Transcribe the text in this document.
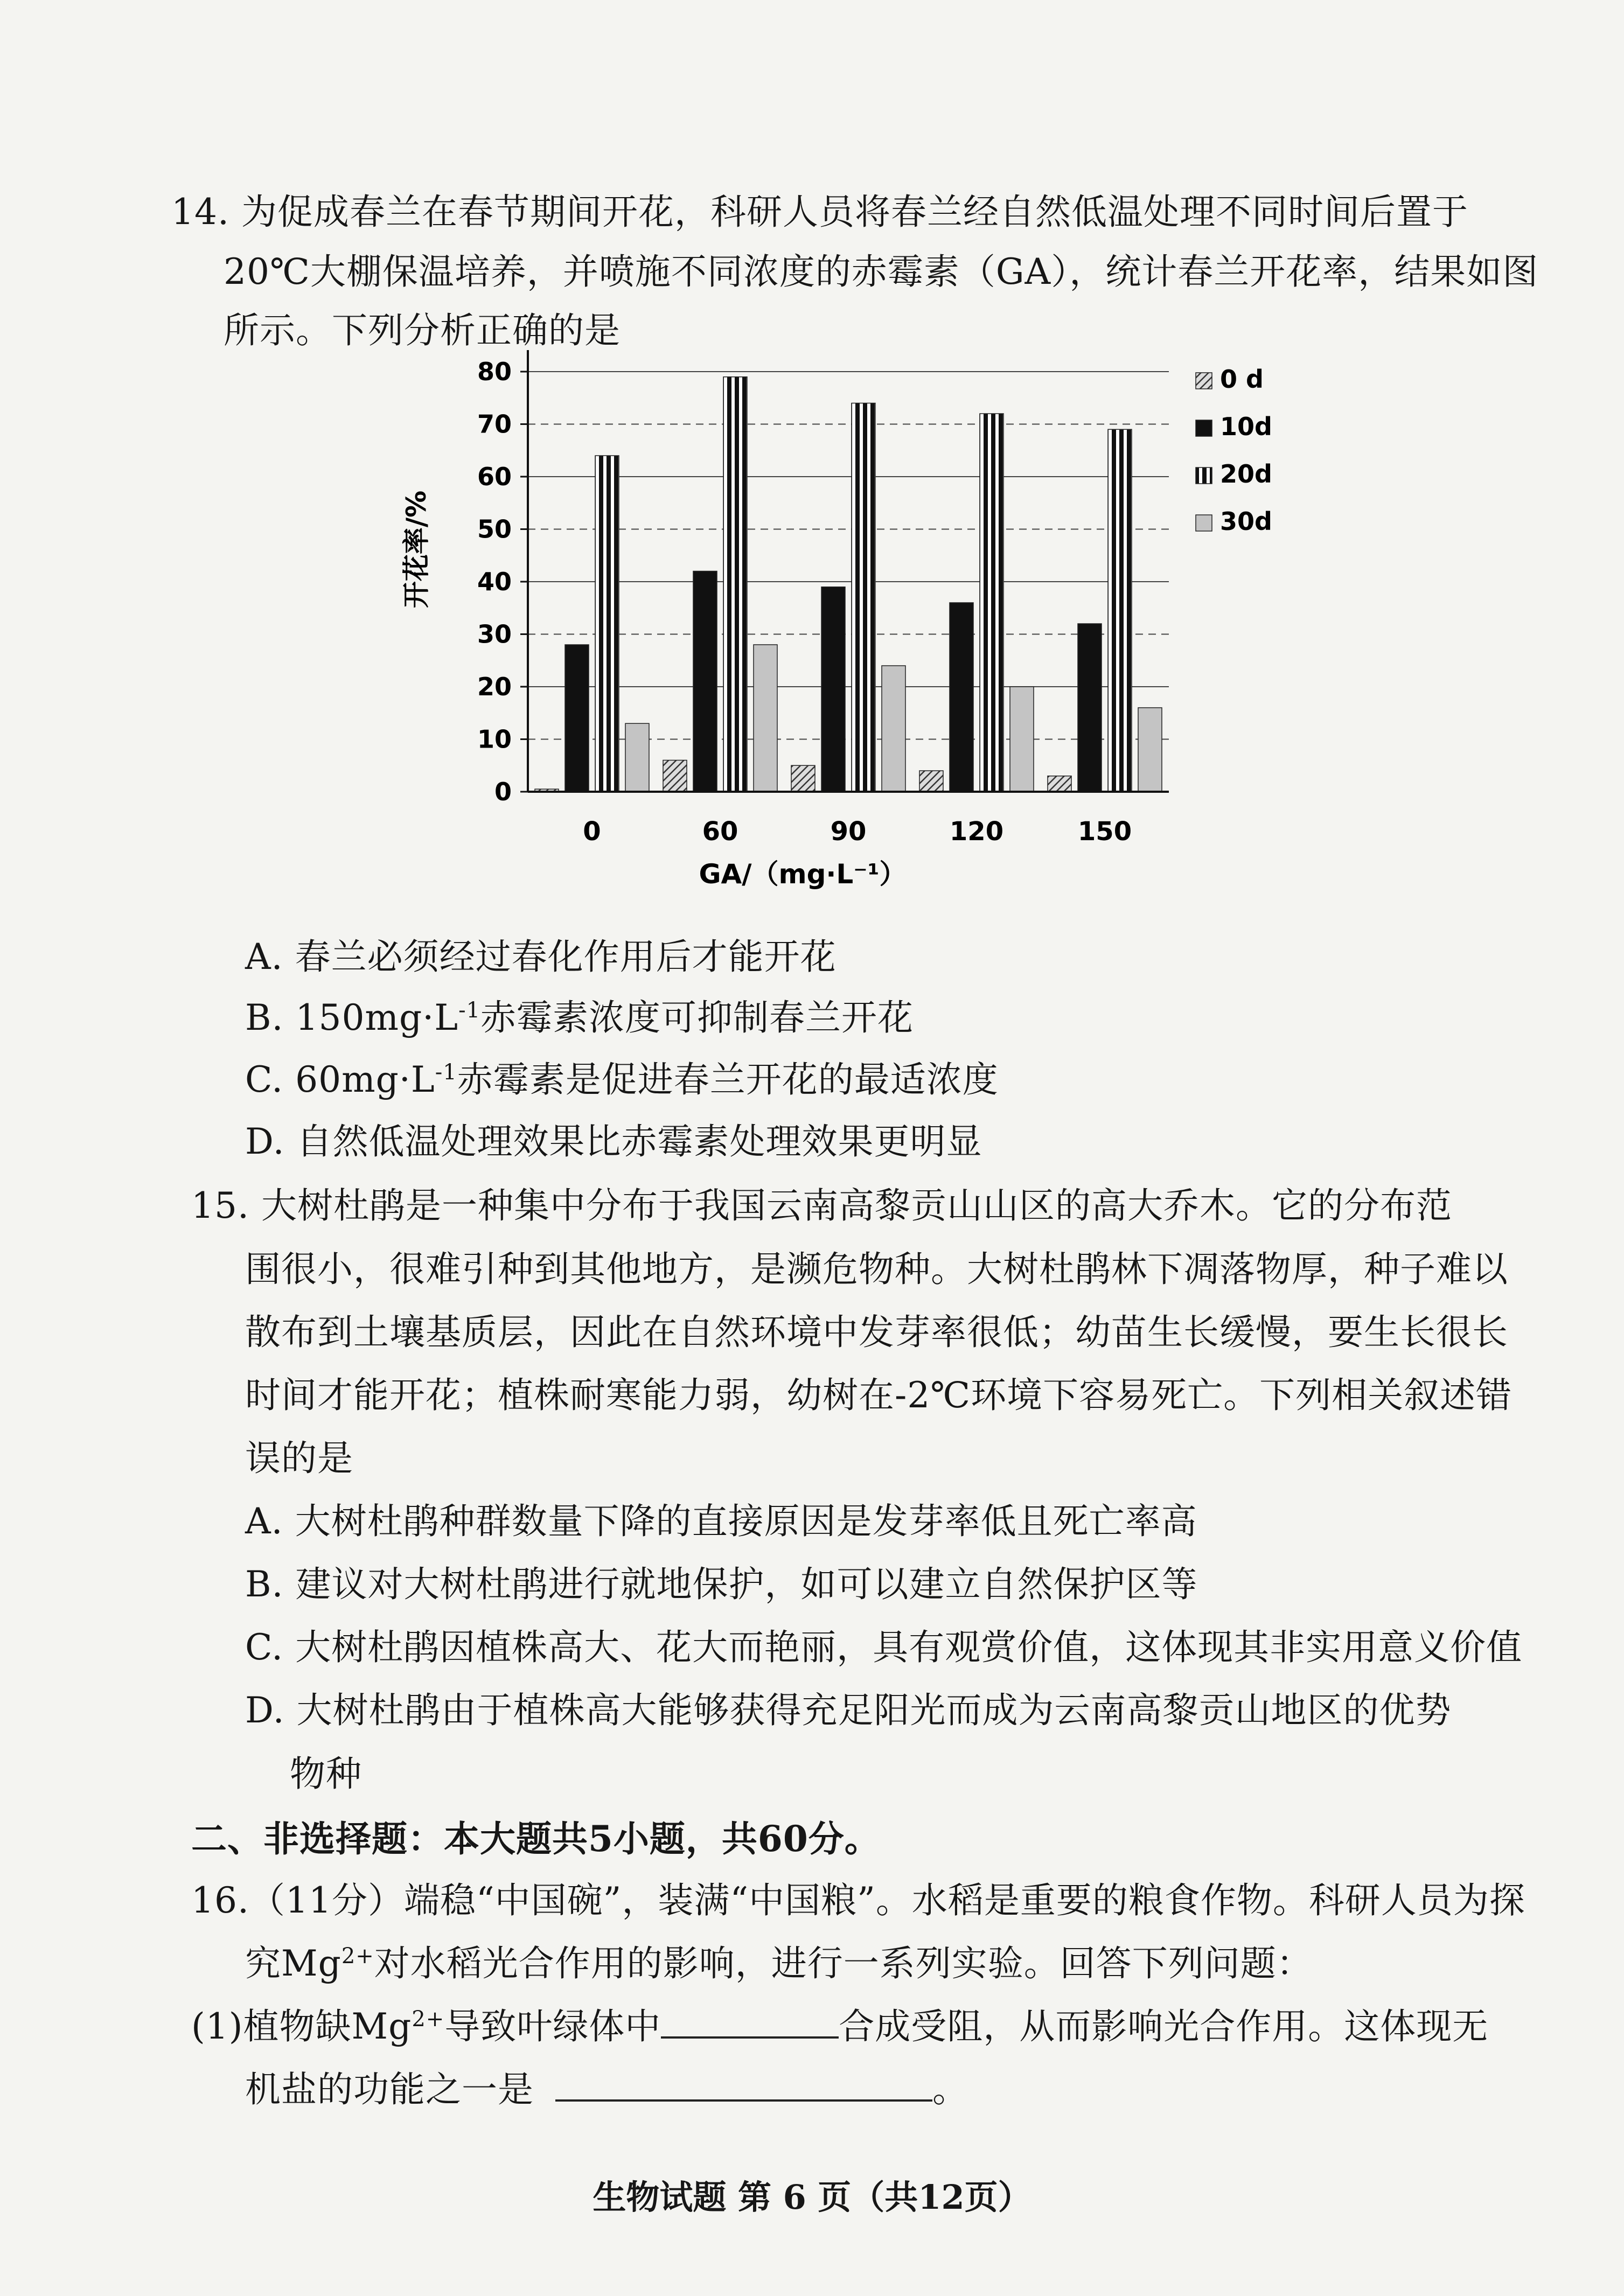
14. 为促成春兰在春节期间开花，科研人员将春兰经自然低温处理不同时间后置于
20℃大棚保温培养，并喷施不同浓度的赤霉素（GA），统计春兰开花率，结果如图
所示。下列分析正确的是
0
10
20
30
40
50
60
70
80
0	60	90	120	150
开花率/%
GA/（mg·L⁻¹）
0 d
10d
20d
30d
A. 春兰必须经过春化作用后才能开花
B. $150mg\cdot L^{-1}$赤霉素浓度可抑制春兰开花
C. $60mg\cdot L^{-1}$赤霉素是促进春兰开花的最适浓度
D. 自然低温处理效果比赤霉素处理效果更明显
15. 大树杜鹃是一种集中分布于我国云南高黎贡山山区的高大乔木。它的分布范
围很小，很难引种到其他地方，是濒危物种。大树杜鹃林下凋落物厚，种子难以
散布到土壤基质层，因此在自然环境中发芽率很低；幼苗生长缓慢，要生长很长
时间才能开花；植株耐寒能力弱，幼树在-2℃环境下容易死亡。下列相关叙述错
误的是
A. 大树杜鹃种群数量下降的直接原因是发芽率低且死亡率高
B. 建议对大树杜鹃进行就地保护，如可以建立自然保护区等
C. 大树杜鹃因植株高大、花大而艳丽，具有观赏价值，这体现其非实用意义价值
D. 大树杜鹃由于植株高大能够获得充足阳光而成为云南高黎贡山地区的优势
物种
二、非选择题：本大题共5小题，共60分。
16.（11分）端稳“中国碗”，装满“中国粮”。水稻是重要的粮食作物。科研人员为探
究$Mg^{2+}$对水稻光合作用的影响，进行一系列实验。回答下列问题：
(1)植物缺$Mg^{2+}$导致叶绿体中	合成受阻，从而影响光合作用。这体现无
机盐的功能之一是	。
生物试题 第 6 页（共12页）
